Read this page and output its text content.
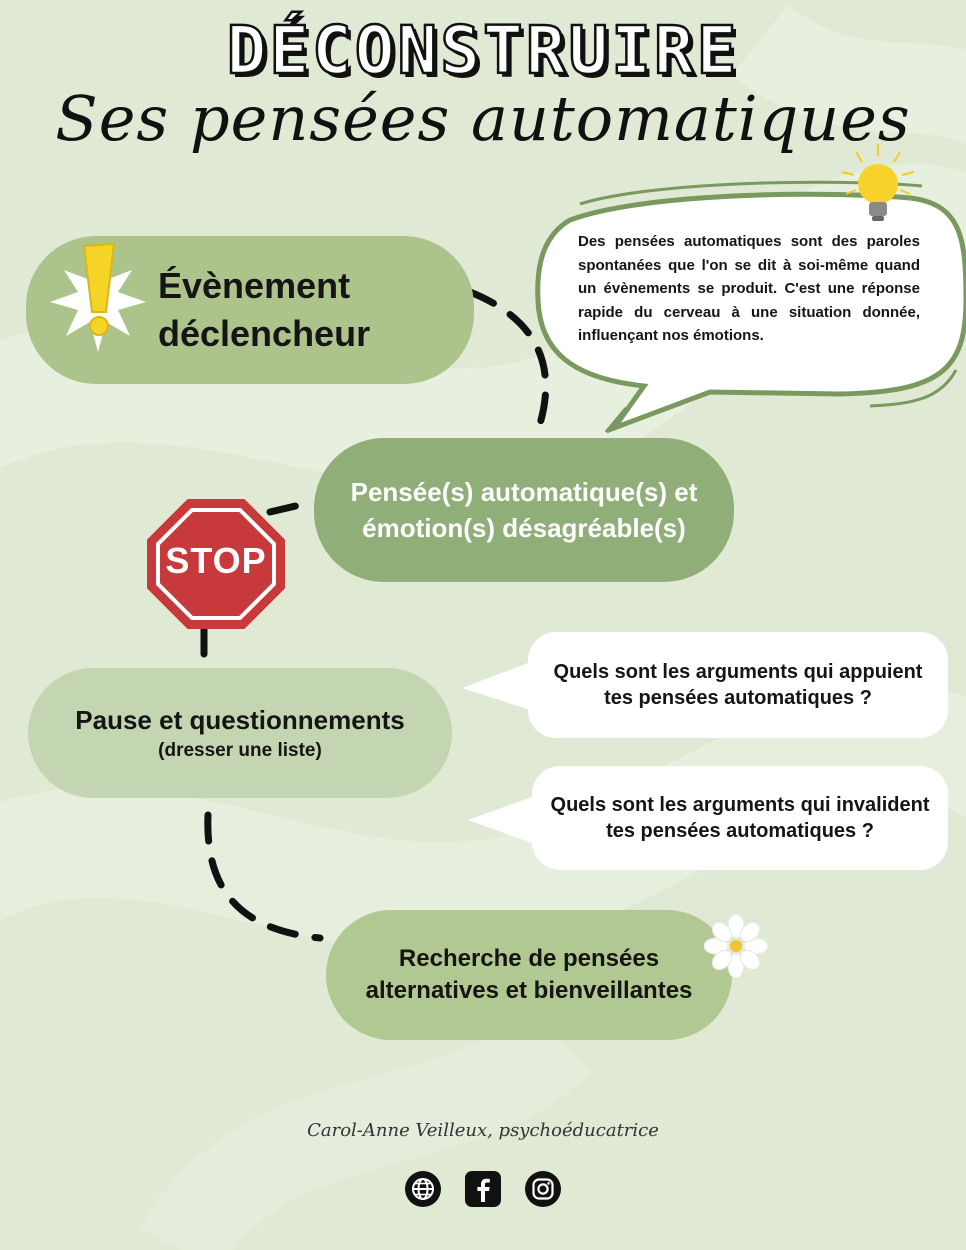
DÉCONSTRUIRE
Ses pensées automatiques
Des pensées automatiques sont des paroles spontanées que l'on se dit à soi-même quand un évènements se produit. C'est une réponse rapide du cerveau à une situation donnée, influençant nos émotions.
Évènement déclencheur
Pensée(s) automatique(s) et émotion(s) désagréable(s)
STOP
Pause et questionnements
(dresser une liste)
Quels sont les arguments qui appuient tes pensées automatiques ?
Quels sont les arguments qui invalident tes pensées automatiques ?
Recherche de pensées alternatives et bienveillantes
Carol-Anne Veilleux, psychoéducatrice
